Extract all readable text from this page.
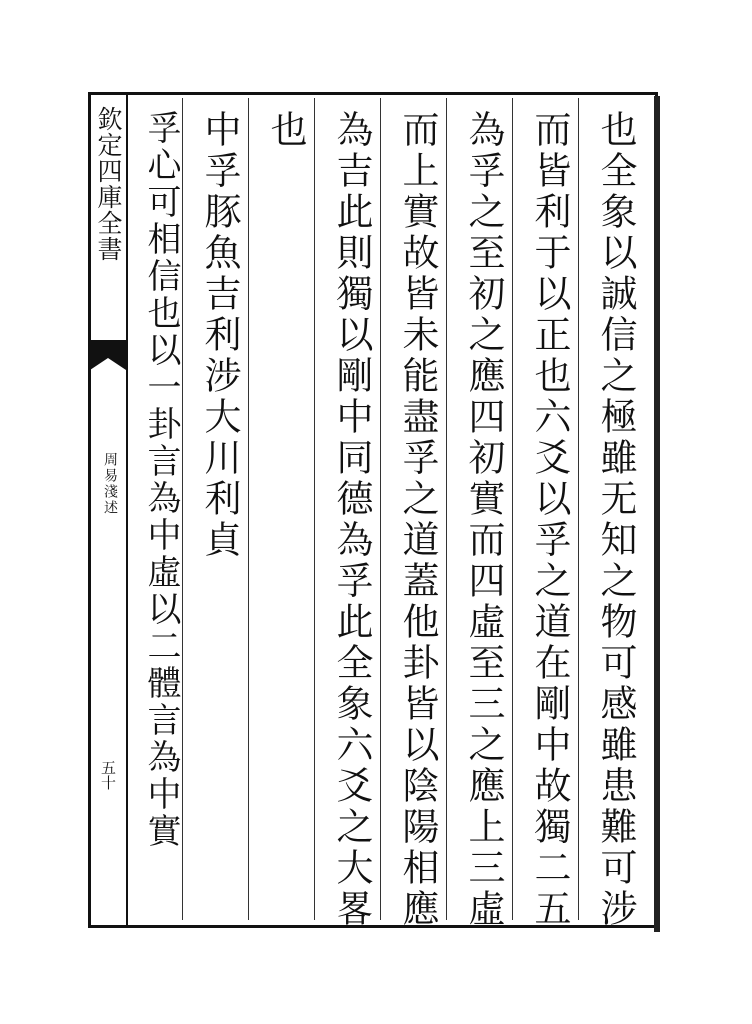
欽定四庫全書
周易淺述
五十	也全象以誠信之極雖无知之物可感雖患難可涉
而皆利于以正也六爻以孚之道在剛中故獨二五
為孚之至初之應四初實而四虛至三之應上三虛
而上實故皆未能盡孚之道蓋他卦皆以陰陽相應
為吉此則獨以剛中同德為孚此全象六爻之大畧
也
中孚豚魚吉利涉大川利貞
孚心可相信也以一卦言為中虛以二體言為中實
